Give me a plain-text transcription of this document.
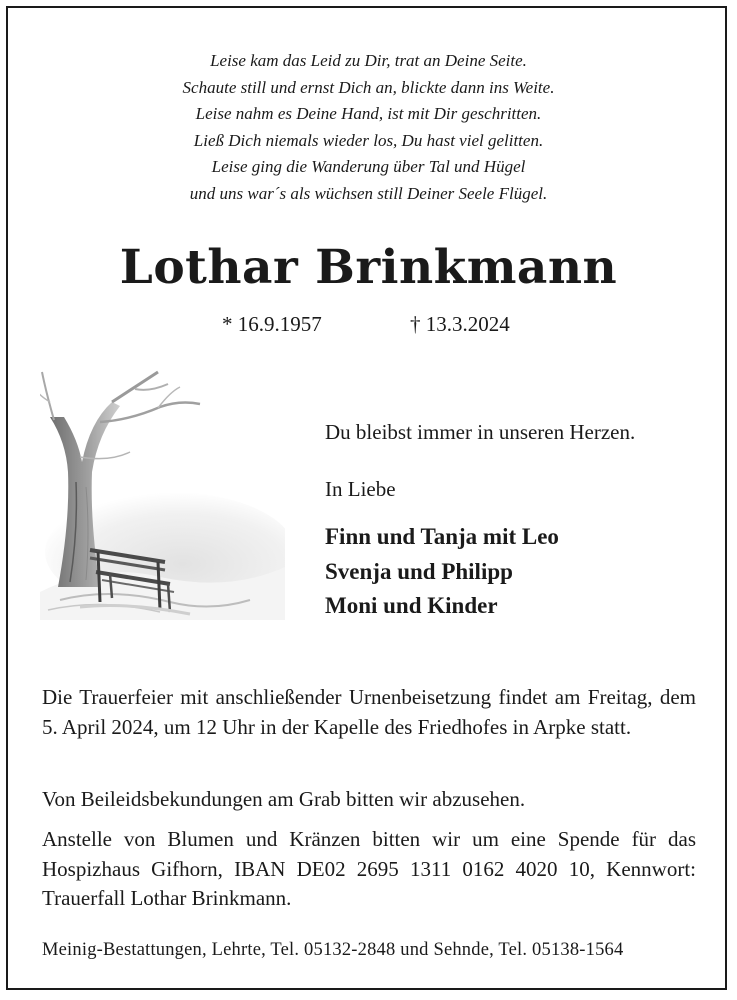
Leise kam das Leid zu Dir, trat an Deine Seite.
Schaute still und ernst Dich an, blickte dann ins Weite.
Leise nahm es Deine Hand, ist mit Dir geschritten.
Ließ Dich niemals wieder los, Du hast viel gelitten.
Leise ging die Wanderung über Tal und Hügel
und uns war´s als wüchsen still Deiner Seele Flügel.
Lothar Brinkmann
* 16.9.1957	† 13.3.2024
Du bleibst immer in unseren Herzen.
In Liebe
Finn und Tanja mit Leo
Svenja und Philipp
Moni und Kinder

Die Trauerfeier mit anschließender Urnenbeisetzung findet am Freitag, dem 5. April 2024, um 12 Uhr in der Kapelle des Friedhofes in Arpke statt.

Von Beileidsbekundungen am Grab bitten wir abzusehen.

Anstelle von Blumen und Kränzen bitten wir um eine Spende für das Hospizhaus Gifhorn, IBAN DE02 2695 1311 0162 4020 10, Kennwort: Trauerfall Lothar Brinkmann.

Meinig-Bestattungen, Lehrte, Tel. 05132-2848 und Sehnde, Tel. 05138-1564
